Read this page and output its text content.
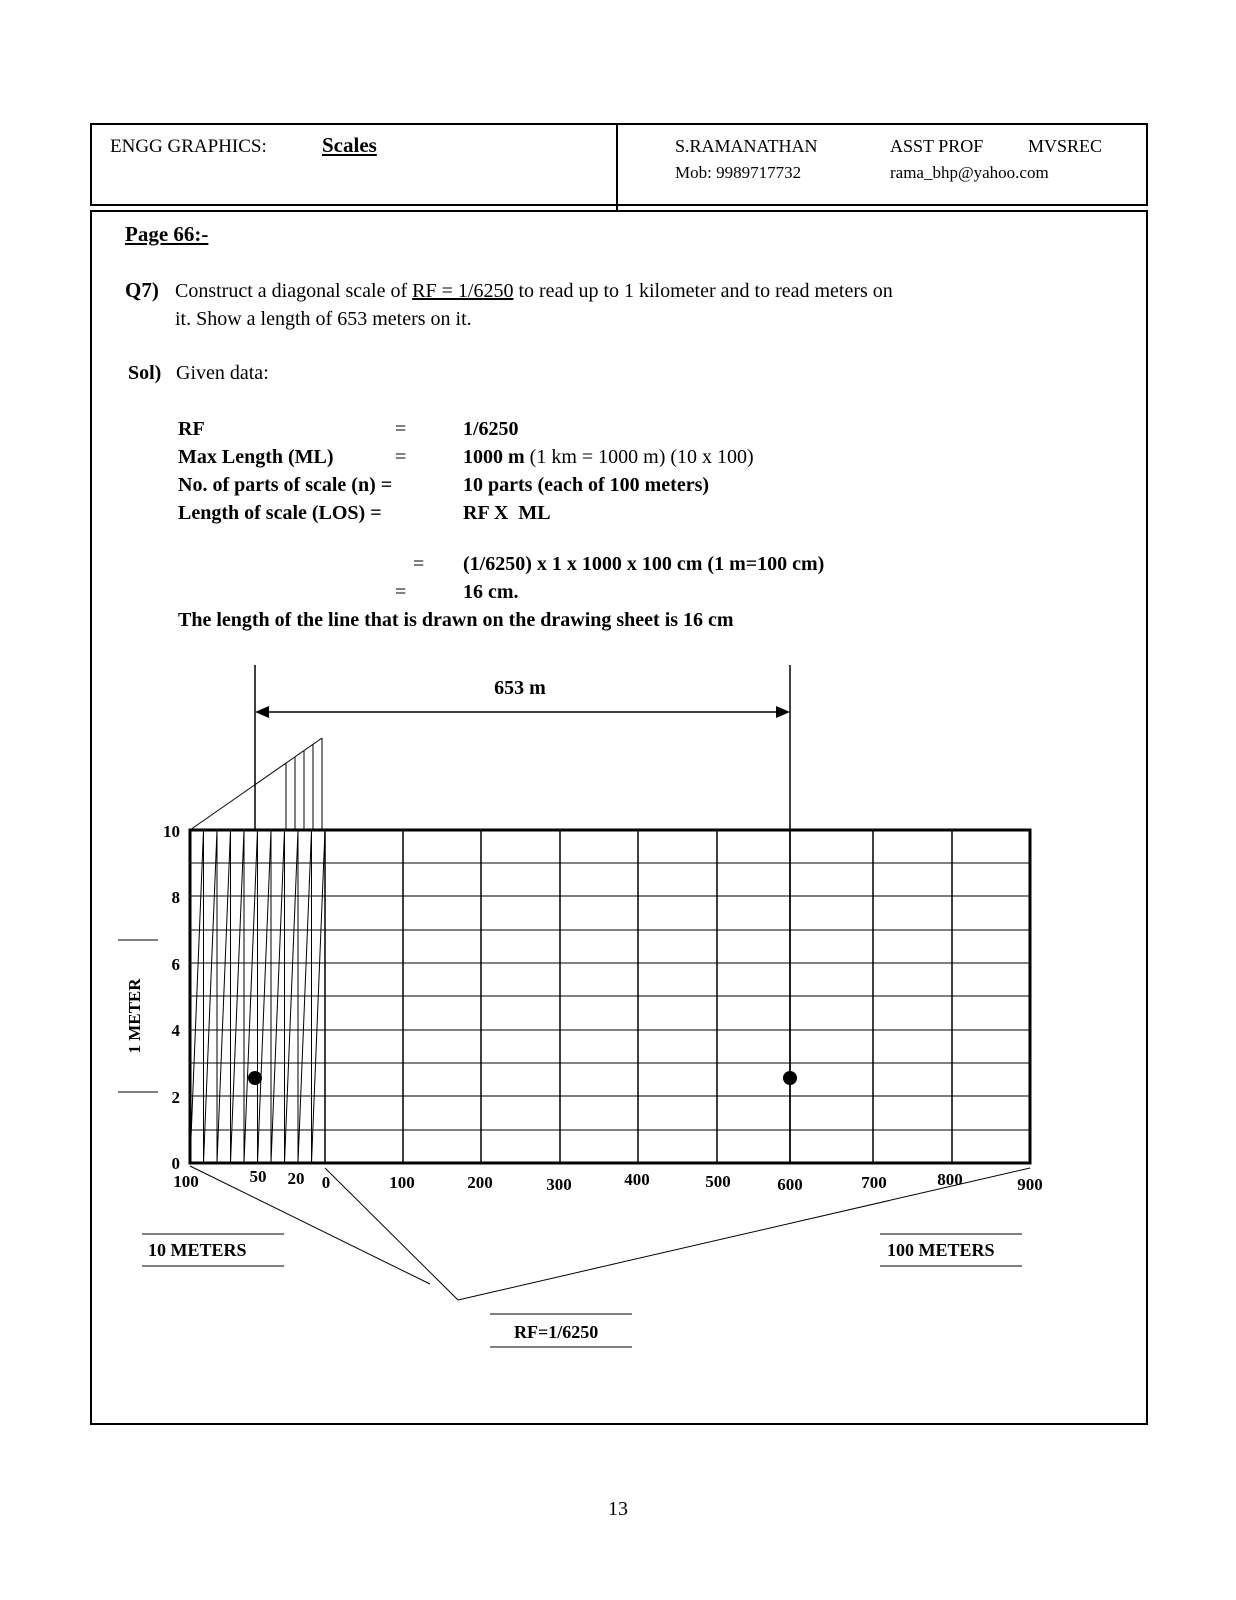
ENGG GRAPHICS:	Scales	S.RAMANATHAN	ASST PROF MVSREC
Mob: 9989717732	rama_bhp@yahoo.com
Page 66:-
Q7) Construct a diagonal scale of RF = 1/6250 to read up to 1 kilometer and to read meters on
it. Show a length of 653 meters on it.
Sol) Given data:
RF	=	1/6250
Max Length (ML)	=	1000 m (1 km = 1000 m) (10 x 100)
No. of parts of scale (n) =	10 parts (each of 100 meters)
Length of scale (LOS) =	RF X  ML
= (1/6250) x 1 x 1000 x 100 cm (1 m=100 cm)
=	16 cm.
The length of the line that is drawn on the drawing sheet is 16 cm
653 m
10
8
6
4
2
0
1 METER
100	50 20 0	100	200	300	400	500	600	700	800	900
10 METERS	100 METERS
RF=1/6250
13
